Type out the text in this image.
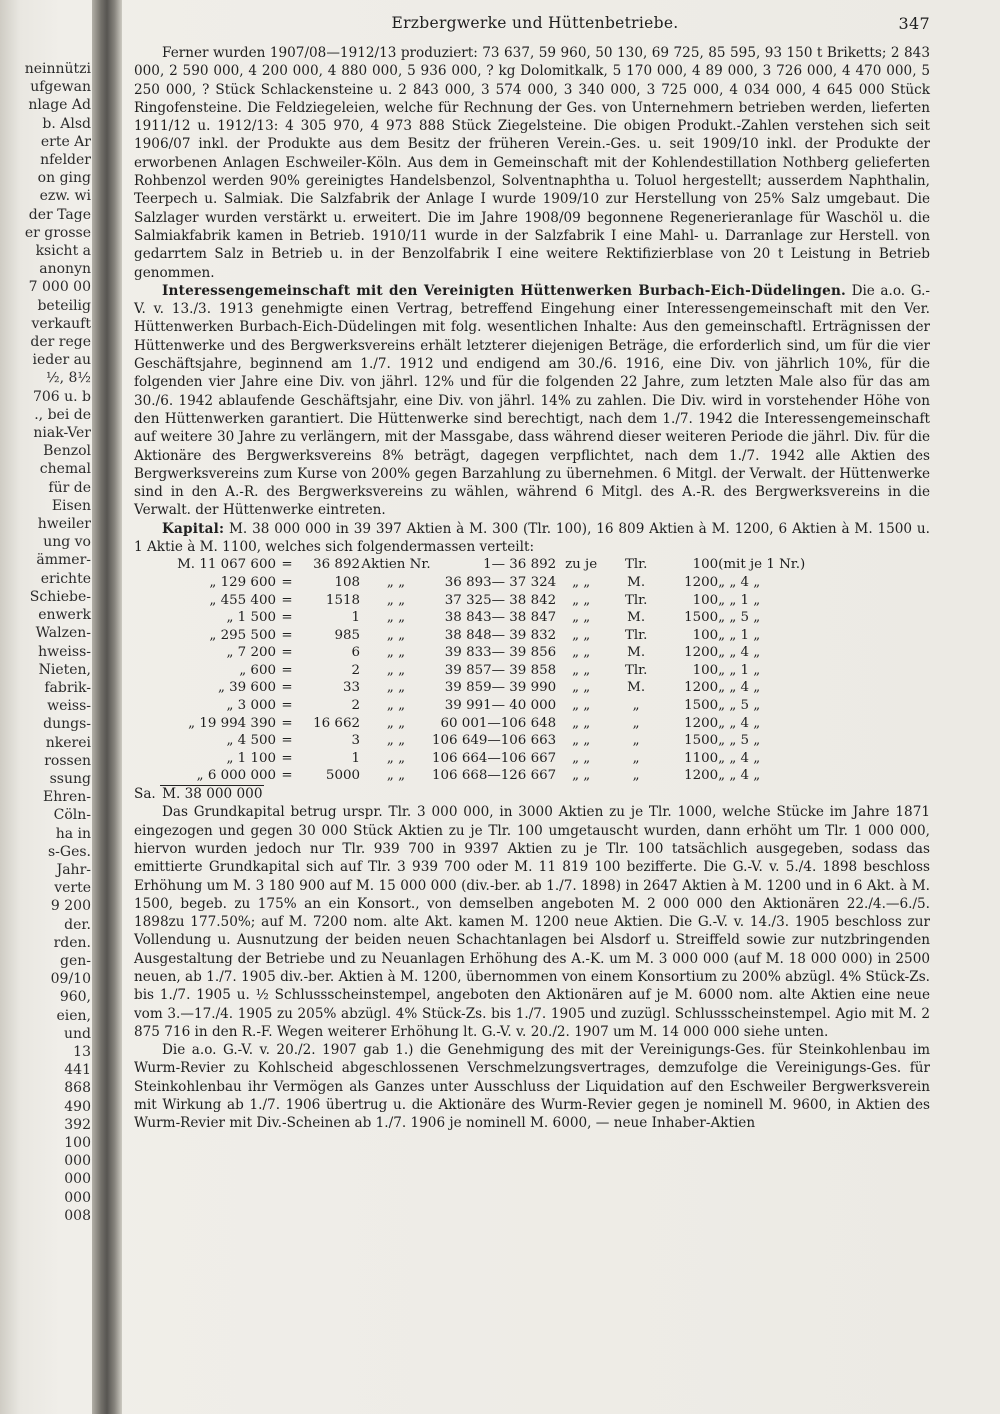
neinnützi
ufgewan
nlage Ad
b. Alsd
erte Ar
nfelder
on ging
ezw. wi
der Tage
er grosse
ksicht a
anonyn
7 000 00
beteilig
verkauft
der rege
ieder au
½, 8½
706 u. b
., bei de
niak-Ver
Benzol
chemal
für de
Eisen
hweiler
ung vo
ämmer-
erichte
Schiebe-
enwerk
Walzen-
hweiss-
Nieten,
fabrik-
weiss-
dungs-
nkerei
rossen
ssung
Ehren-
Cöln-
ha in
s-Ges.
Jahr-
verte
9 200
der.
rden.
gen-
09/10
960,
eien,
und
13
441
868
490
392
100
000
000
000
008
Erzbergwerke und Hüttenbetriebe.	347

Ferner wurden 1907/08—1912/13 produziert: 73 637, 59 960, 50 130, 69 725, 85 595, 93 150 t Briketts; 2 843 000, 2 590 000, 4 200 000, 4 880 000, 5 936 000, ? kg Dolomitkalk, 5 170 000, 4 89 000, 3 726 000, 4 470 000, 5 250 000, ? Stück Schlackensteine u. 2 843 000, 3 574 000, 3 340 000, 3 725 000, 4 034 000, 4 645 000 Stück Ringofensteine. Die Feldziegeleien, welche für Rechnung der Ges. von Unternehmern betrieben werden, lieferten 1911/12 u. 1912/13: 4 305 970, 4 973 888 Stück Ziegelsteine. Die obigen Produkt.-Zahlen verstehen sich seit 1906/07 inkl. der Produkte aus dem Besitz der früheren Verein.-Ges. u. seit 1909/10 inkl. der Produkte der erworbenen Anlagen Eschweiler-Köln. Aus dem in Gemeinschaft mit der Kohlendestillation Nothberg gelieferten Rohbenzol werden 90% gereinigtes Handelsbenzol, Solventnaphtha u. Toluol hergestellt; ausserdem Naphthalin, Teerpech u. Salmiak. Die Salzfabrik der Anlage I wurde 1909/10 zur Herstellung von 25% Salz umgebaut. Die Salzlager wurden verstärkt u. erweitert. Die im Jahre 1908/09 begonnene Regenerieranlage für Waschöl u. die Salmiakfabrik kamen in Betrieb. 1910/11 wurde in der Salzfabrik I eine Mahl- u. Darranlage zur Herstell. von gedarrtem Salz in Betrieb u. in der Benzolfabrik I eine weitere Rektifizierblase von 20 t Leistung in Betrieb genommen.

Interessengemeinschaft mit den Vereinigten Hüttenwerken Burbach-Eich-Düdelingen. Die a.o. G.-V. v. 13./3. 1913 genehmigte einen Vertrag, betreffend Eingehung einer Interessengemeinschaft mit den Ver. Hüttenwerken Burbach-Eich-Düdelingen mit folg. wesentlichen Inhalte: Aus den gemeinschaftl. Erträgnissen der Hüttenwerke und des Bergwerksvereins erhält letzterer diejenigen Beträge, die erforderlich sind, um für die vier Geschäftsjahre, beginnend am 1./7. 1912 und endigend am 30./6. 1916, eine Div. von jährlich 10%, für die folgenden vier Jahre eine Div. von jährl. 12% und für die folgenden 22 Jahre, zum letzten Male also für das am 30./6. 1942 ablaufende Geschäftsjahr, eine Div. von jährl. 14% zu zahlen. Die Div. wird in vorstehender Höhe von den Hüttenwerken garantiert. Die Hüttenwerke sind berechtigt, nach dem 1./7. 1942 die Interessengemeinschaft auf weitere 30 Jahre zu verlängern, mit der Massgabe, dass während dieser weiteren Periode die jährl. Div. für die Aktionäre des Bergwerksvereins 8% beträgt, dagegen verpflichtet, nach dem 1./7. 1942 alle Aktien des Bergwerksvereins zum Kurse von 200% gegen Barzahlung zu übernehmen. 6 Mitgl. der Verwalt. der Hüttenwerke sind in den A.-R. des Bergwerksvereins zu wählen, während 6 Mitgl. des A.-R. des Bergwerksvereins in die Verwalt. der Hüttenwerke eintreten.

Kapital: M. 38 000 000 in 39 397 Aktien à M. 300 (Tlr. 100), 16 809 Aktien à M. 1200, 6 Aktien à M. 1500 u. 1 Aktie à M. 1100, welches sich folgendermassen verteilt:

M. 11 067 600	=	36 892	Aktien Nr.	1— 36 892	zu je	Tlr.	100	(mit je 1 Nr.)
„ 129 600	=	108	„ „	36 893— 37 324	„ „	M.	1200	„ „ 4 „
„ 455 400	=	1518	„ „	37 325— 38 842	„ „	Tlr.	100	„ „ 1 „
„ 1 500	=	1	„ „	38 843— 38 847	„ „	M.	1500	„ „ 5 „
„ 295 500	=	985	„ „	38 848— 39 832	„ „	Tlr.	100	„ „ 1 „
„ 7 200	=	6	„ „	39 833— 39 856	„ „	M.	1200	„ „ 4 „
„ 600	=	2	„ „	39 857— 39 858	„ „	Tlr.	100	„ „ 1 „
„ 39 600	=	33	„ „	39 859— 39 990	„ „	M.	1200	„ „ 4 „
„ 3 000	=	2	„ „	39 991— 40 000	„ „	„	1500	„ „ 5 „
„ 19 994 390	=	16 662	„ „	60 001—106 648	„ „	„	1200	„ „ 4 „
„ 4 500	=	3	„ „	106 649—106 663	„ „	„	1500	„ „ 5 „
„ 1 100	=	1	„ „	106 664—106 667	„ „	„	1100	„ „ 4 „
„ 6 000 000	=	5000	„ „	106 668—126 667	„ „	„	1200	„ „ 4 „
Sa. M. 38 000 000

Das Grundkapital betrug urspr. Tlr. 3 000 000, in 3000 Aktien zu je Tlr. 1000, welche Stücke im Jahre 1871 eingezogen und gegen 30 000 Stück Aktien zu je Tlr. 100 umgetauscht wurden, dann erhöht um Tlr. 1 000 000, hiervon wurden jedoch nur Tlr. 939 700 in 9397 Aktien zu je Tlr. 100 tatsächlich ausgegeben, sodass das emittierte Grundkapital sich auf Tlr. 3 939 700 oder M. 11 819 100 bezifferte. Die G.-V. v. 5./4. 1898 beschloss Erhöhung um M. 3 180 900 auf M. 15 000 000 (div.-ber. ab 1./7. 1898) in 2647 Aktien à M. 1200 und in 6 Akt. à M. 1500, begeb. zu 175% an ein Konsort., von demselben angeboten M. 2 000 000 den Aktionären 22./4.—6./5. 1898zu 177.50%; auf M. 7200 nom. alte Akt. kamen M. 1200 neue Aktien. Die G.-V. v. 14./3. 1905 beschloss zur Vollendung u. Ausnutzung der beiden neuen Schachtanlagen bei Alsdorf u. Streiffeld sowie zur nutzbringenden Ausgestaltung der Betriebe und zu Neuanlagen Erhöhung des A.-K. um M. 3 000 000 (auf M. 18 000 000) in 2500 neuen, ab 1./7. 1905 div.-ber. Aktien à M. 1200, übernommen von einem Konsortium zu 200% abzügl. 4% Stück-Zs. bis 1./7. 1905 u. ½ Schlussscheinstempel, angeboten den Aktionären auf je M. 6000 nom. alte Aktien eine neue vom 3.—17./4. 1905 zu 205% abzügl. 4% Stück-Zs. bis 1./7. 1905 und zuzügl. Schlussscheinstempel. Agio mit M. 2 875 716 in den R.-F. Wegen weiterer Erhöhung lt. G.-V. v. 20./2. 1907 um M. 14 000 000 siehe unten.

Die a.o. G.-V. v. 20./2. 1907 gab 1.) die Genehmigung des mit der Vereinigungs-Ges. für Steinkohlenbau im Wurm-Revier zu Kohlscheid abgeschlossenen Verschmelzungsvertrages, demzufolge die Vereinigungs-Ges. für Steinkohlenbau ihr Vermögen als Ganzes unter Ausschluss der Liquidation auf den Eschweiler Bergwerksverein mit Wirkung ab 1./7. 1906 übertrug u. die Aktionäre des Wurm-Revier gegen je nominell M. 9600, in Aktien des Wurm-Revier mit Div.-Scheinen ab 1./7. 1906 je nominell M. 6000, — neue Inhaber-Aktien
